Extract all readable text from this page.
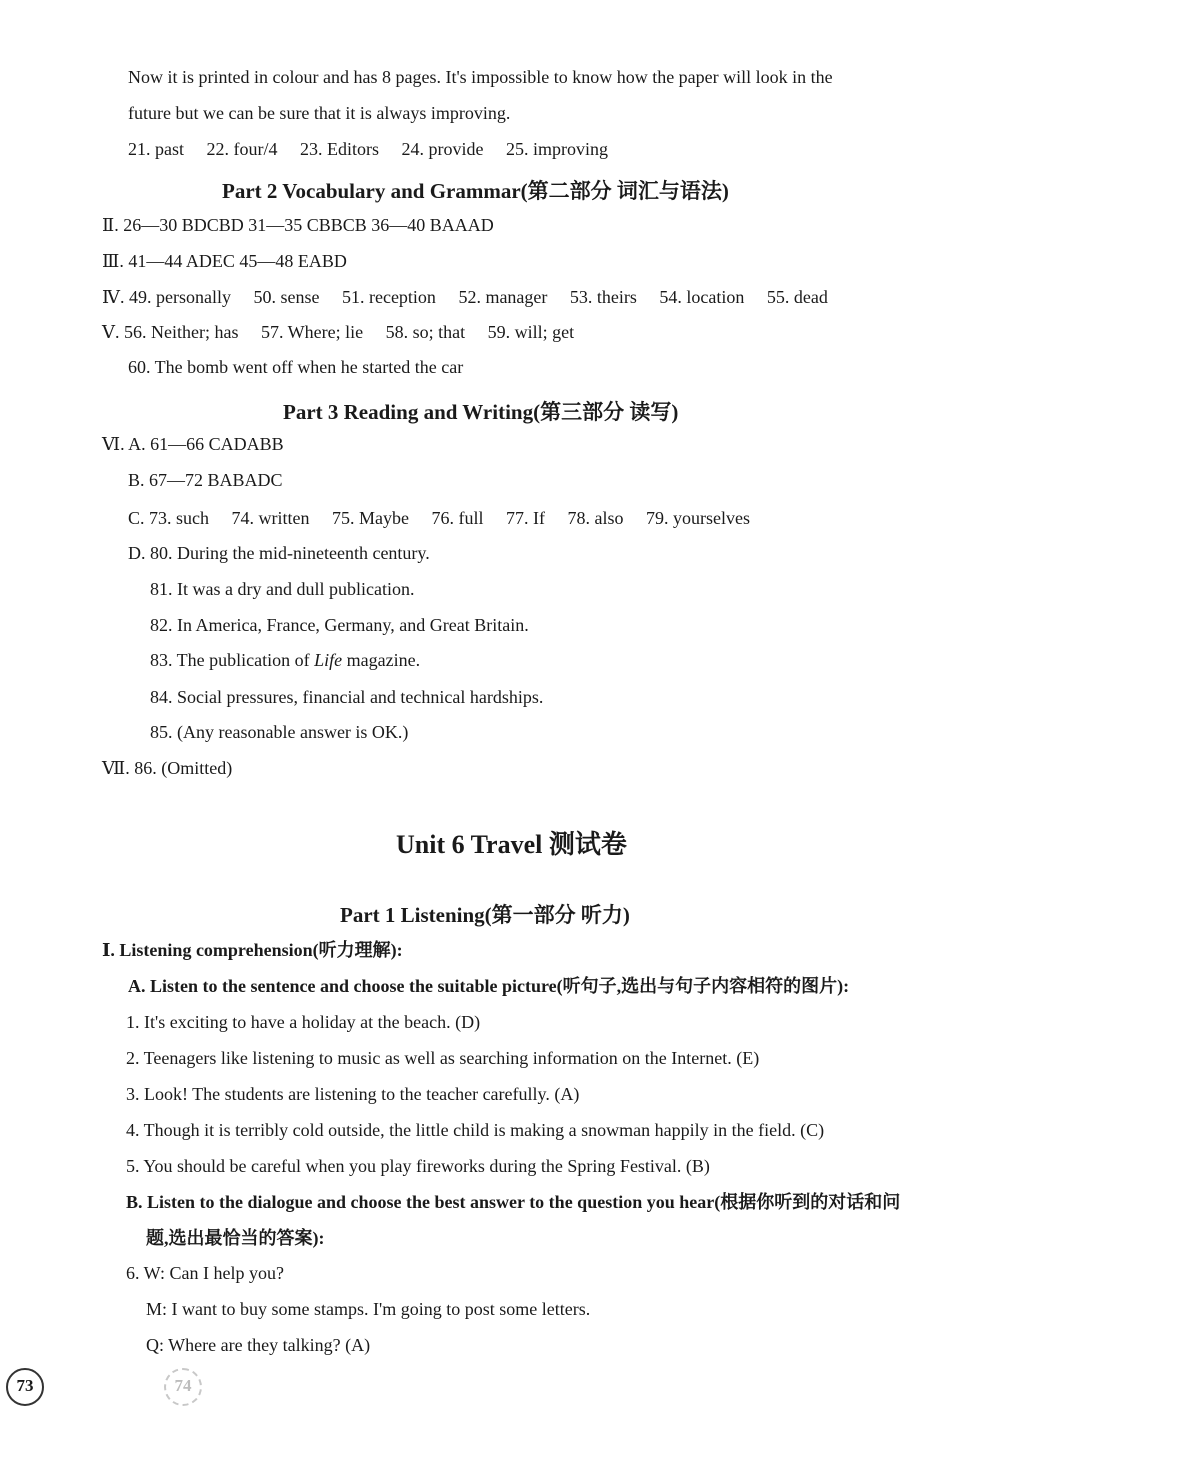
Now it is printed in colour and has 8 pages. It's impossible to know how the paper will look in the
future but we can be sure that it is always improving.
21. past 22. four/4 23. Editors 24. provide 25. improving
Part 2 Vocabulary and Grammar(第二部分 词汇与语法)
Ⅱ. 26—30 BDCBD 31—35 CBBCB 36—40 BAAAD
Ⅲ. 41—44 ADEC 45—48 EABD
Ⅳ. 49. personally 50. sense 51. reception 52. manager 53. theirs 54. location 55. dead
Ⅴ. 56. Neither; has 57. Where; lie 58. so; that 59. will; get
60. The bomb went off when he started the car
Part 3 Reading and Writing(第三部分 读写)
Ⅵ. A. 61—66 CADABB
B. 67—72 BABADC
C. 73. such 74. written 75. Maybe 76. full 77. If 78. also 79. yourselves
D. 80. During the mid-nineteenth century.
81. It was a dry and dull publication.
82. In America, France, Germany, and Great Britain.
83. The publication of Life magazine.
84. Social pressures, financial and technical hardships.
85. (Any reasonable answer is OK.)
Ⅶ. 86. (Omitted)
Unit 6 Travel 测试卷
Part 1 Listening(第一部分 听力)
Ⅰ. Listening comprehension(听力理解):
A. Listen to the sentence and choose the suitable picture(听句子,选出与句子内容相符的图片):
1. It's exciting to have a holiday at the beach. (D)
2. Teenagers like listening to music as well as searching information on the Internet. (E)
3. Look! The students are listening to the teacher carefully. (A)
4. Though it is terribly cold outside, the little child is making a snowman happily in the field. (C)
5. You should be careful when you play fireworks during the Spring Festival. (B)
B. Listen to the dialogue and choose the best answer to the question you hear(根据你听到的对话和问
题,选出最恰当的答案):
6. W: Can I help you?
M: I want to buy some stamps. I'm going to post some letters.
Q: Where are they talking? (A)
73	74
